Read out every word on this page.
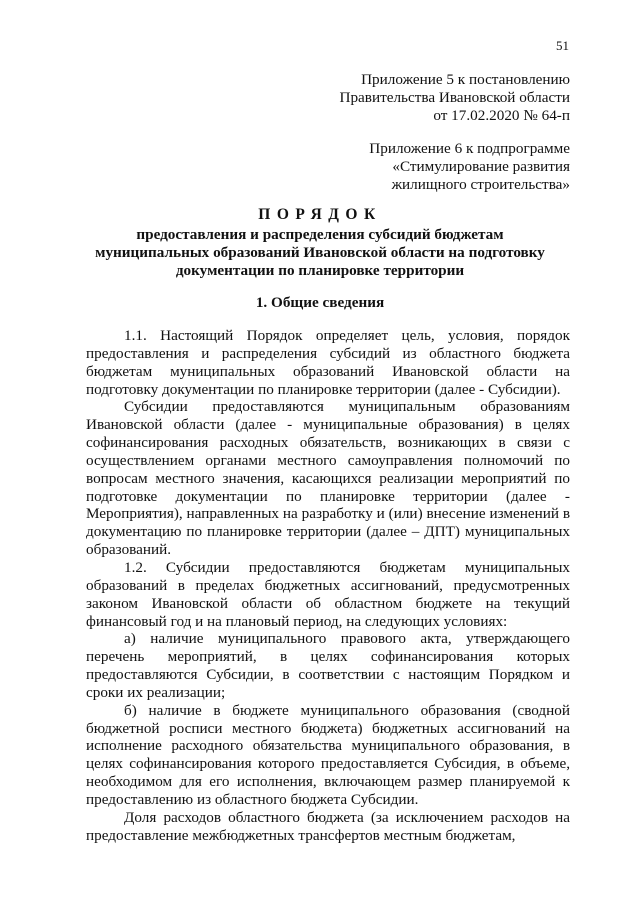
51
Приложение 5 к постановлению
Правительства Ивановской области
от 17.02.2020 № 64-п
Приложение 6 к подпрограмме
«Стимулирование развития
жилищного строительства»
ПОРЯДОК
предоставления и распределения субсидий бюджетам
муниципальных образований Ивановской области на подготовку
документации по планировке территории
1. Общие сведения

1.1. Настоящий Порядок определяет цель, условия, порядок предоставления и распределения субсидий из областного бюджета бюджетам муниципальных образований Ивановской области на подготовку документации по планировке территории (далее - Субсидии).

Субсидии предоставляются муниципальным образованиям Ивановской области (далее - муниципальные образования) в целях софинансирования расходных обязательств, возникающих в связи с осуществлением органами местного самоуправления полномочий по вопросам местного значения, касающихся реализации мероприятий по подготовке документации по планировке территории (далее - Мероприятия), направленных на разработку и (или) внесение изменений в документацию по планировке территории (далее – ДПТ) муниципальных образований.

1.2. Субсидии предоставляются бюджетам муниципальных образований в пределах бюджетных ассигнований, предусмотренных законом Ивановской области об областном бюджете на текущий финансовый год и на плановый период, на следующих условиях:

а) наличие муниципального правового акта, утверждающего перечень мероприятий, в целях софинансирования которых предоставляются Субсидии, в соответствии с настоящим Порядком и сроки их реализации;

б) наличие в бюджете муниципального образования (сводной бюджетной росписи местного бюджета) бюджетных ассигнований на исполнение расходного обязательства муниципального образования, в целях софинансирования которого предоставляется Субсидия, в объеме, необходимом для его исполнения, включающем размер планируемой к предоставлению из областного бюджета Субсидии.

Доля расходов областного бюджета (за исключением расходов на предоставление межбюджетных трансфертов местным бюджетам,
